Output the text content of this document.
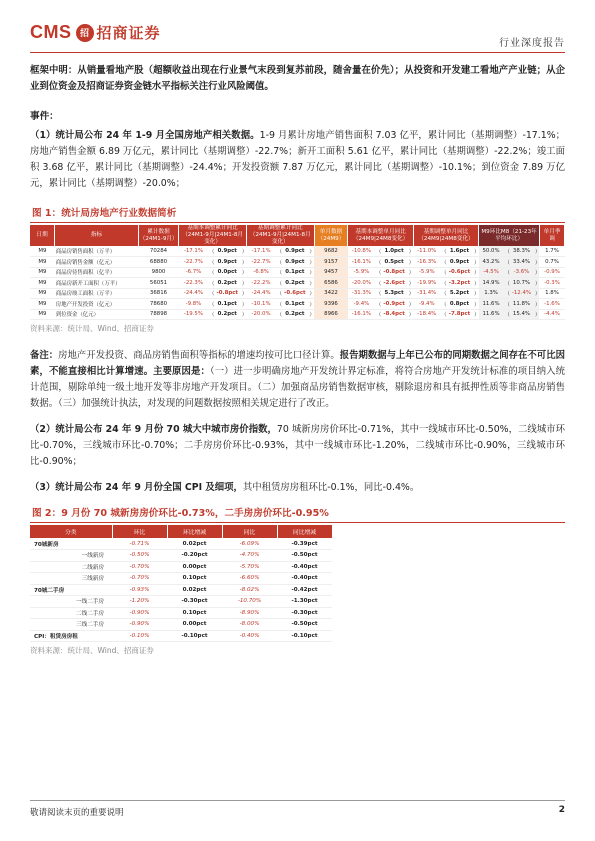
CMS 招 招商证券
行业深度报告

框架中明：从销量看地产股（超额收益出现在行业景气末段到复苏前段，随舍量在价先）；从投资和开发建工看地产产业链；从企业到位资金及招商证券资金链水平指标关注行业风险阈值。

事件：

（1）统计局公布 24 年 1-9 月全国房地产相关数据。1-9 月累计房地产销售面积 7.03 亿平，累计同比（基期调整）-17.1%；房地产销售金额 6.89 万亿元，累计同比（基期调整）-22.7%；新开工面积 5.61 亿平，累计同比（基期调整）-22.2%；竣工面积 3.68 亿平，累计同比（基期调整）-24.4%；开发投资额 7.87 万亿元，累计同比（基期调整）-10.1%；到位资金 7.89 万亿元，累计同比（基期调整）-20.0%；

图 1：统计局房地产行业数据简析
日期	指标	累计数据（24M1-9月）	基期本调整累计同比（24M1-9月|24M1-8月变化）				基期调整累计同比（24M1-9月|24M1-8月变化）				单月数据（24M9）	基期本调整单月同比（24M9|24M8变化）				基期调整单月同比（24M9|24M8变化）				M9环比M8（21-23年平均环比）				单月季调
M9	商品房销售面积（万平）	70284	-17.1%	（	0.9pct	）	-17.1%	（	0.9pct	）	9682	-10.8%	（	1.0pct	）	-11.0%	（	1.6pct	）	50.0%	（	38.3%	）	1.7%
M9	商品房销售金额（亿元）	68880	-22.7%	（	0.9pct	）	-22.7%	（	0.9pct	）	9157	-16.1%	（	0.5pct	）	-16.3%	（	0.9pct	）	43.2%	（	33.4%	）	0.7%
M9	商品房待售面积（亿平）	9800	-6.7%	（	0.0pct	）	-6.8%	（	0.1pct	）	9457	-5.9%	（	-0.8pct	）	-5.9%	（	-0.6pct	）	-4.5%	（	-3.6%	）	-0.9%
M9	商品房新开工面积（万平）	56051	-22.3%	（	0.2pct	）	-22.2%	（	0.2pct	）	6586	-20.0%	（	-2.6pct	）	-19.9%	（	-3.2pct	）	14.9%	（	10.7%	）	-0.3%
M9	商品房竣工面积（万平）	36816	-24.4%	（	-0.8pct	）	-24.4%	（	-0.6pct	）	3422	-31.3%	（	5.3pct	）	-31.4%	（	5.2pct	）	1.3%	（	-12.4%	）	1.8%
M9	房地产开发投资（亿元）	78680	-9.8%	（	0.1pct	）	-10.1%	（	0.1pct	）	9396	-9.4%	（	-0.9pct	）	-9.4%	（	0.8pct	）	11.6%	（	11.8%	）	-1.6%
M9	到位资金（亿元）	78898	-19.5%	（	0.2pct	）	-20.0%	（	0.2pct	）	8966	-16.1%	（	-8.4pct	）	-18.4%	（	-7.8pct	）	11.6%	（	15.4%	）	-4.4%
资料来源：统计局、Wind、招商证券

备注：房地产开发投资、商品房销售面积等指标的增速均按可比口径计算。报告期数据与上年已公布的同期数据之间存在不可比因素，不能直接相比计算增速。主要原因是：（一）进一步明确房地产开发统计界定标准，将符合房地产开发统计标准的项目纳入统计范围，剔除单纯一级土地开发等非房地产开发项目。（二）加强商品房销售数据审核，剔除退房和具有抵押性质等非商品房销售数据。（三）加强统计执法，对发现的问题数据按照相关规定进行了改正。

（2）统计局公布 24 年 9 月份 70 城大中城市房价指数，70 城新房房价环比-0.71%，其中一线城市环比-0.50%，二线城市环比-0.70%，三线城市环比-0.70%；二手房房价环比-0.93%，其中一线城市环比-1.20%，二线城市环比-0.90%，三线城市环比-0.90%；

（3）统计局公布 24 年 9 月份全国 CPI 及细项，其中租赁房房租环比-0.1%，同比-0.4%。

图 2：9 月份 70 城新房房价环比-0.73%，二手房房价环比-0.95%
分类	环比	环比增减	同比	同比增减
70城新房	-0.71%	0.02pct	-6.09%	-0.39pct
一线新房	-0.50%	-0.20pct	-4.70%	-0.50pct
二线新房	-0.70%	0.00pct	-5.70%	-0.40pct
三线新房	-0.70%	0.10pct	-6.60%	-0.40pct
70城二手房	-0.93%	0.02pct	-8.02%	-0.42pct
一线二手房	-1.20%	-0.30pct	-10.70%	-1.30pct
二线二手房	-0.90%	0.10pct	-8.90%	-0.30pct
三线二手房	-0.90%	0.00pct	-8.00%	-0.50pct
CPI：租赁房房租	-0.10%	-0.10pct	-0.40%	-0.10pct
资料来源：统计局、Wind、招商证券
敬请阅读末页的重要说明	2
